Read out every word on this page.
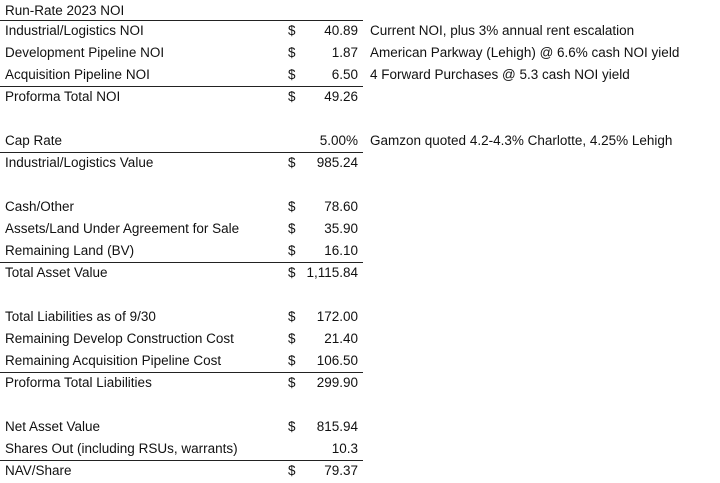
Run-Rate 2023 NOI
Industrial/Logistics NOI	$	40.89 Current NOI, plus 3% annual rent escalation
Development Pipeline NOI	$	1.87 American Parkway (Lehigh) @ 6.6% cash NOI yield
Acquisition Pipeline NOI	$	6.50 4 Forward Purchases @ 5.3 cash NOI yield
Proforma Total NOI	$	49.26
Cap Rate	5.00% Gamzon quoted 4.2-4.3% Charlotte, 4.25% Lehigh
Industrial/Logistics Value	$	985.24
Cash/Other	$	78.60
Assets/Land Under Agreement for Sale	$	35.90
Remaining Land (BV)	$	16.10
Total Asset Value	$ 1,115.84
Total Liabilities as of 9/30	$	172.00
Remaining Develop Construction Cost	$	21.40
Remaining Acquisition Pipeline Cost	$	106.50
Proforma Total Liabilities	$	299.90
Net Asset Value	$	815.94
Shares Out (including RSUs, warrants)	10.3
NAV/Share	$	79.37
